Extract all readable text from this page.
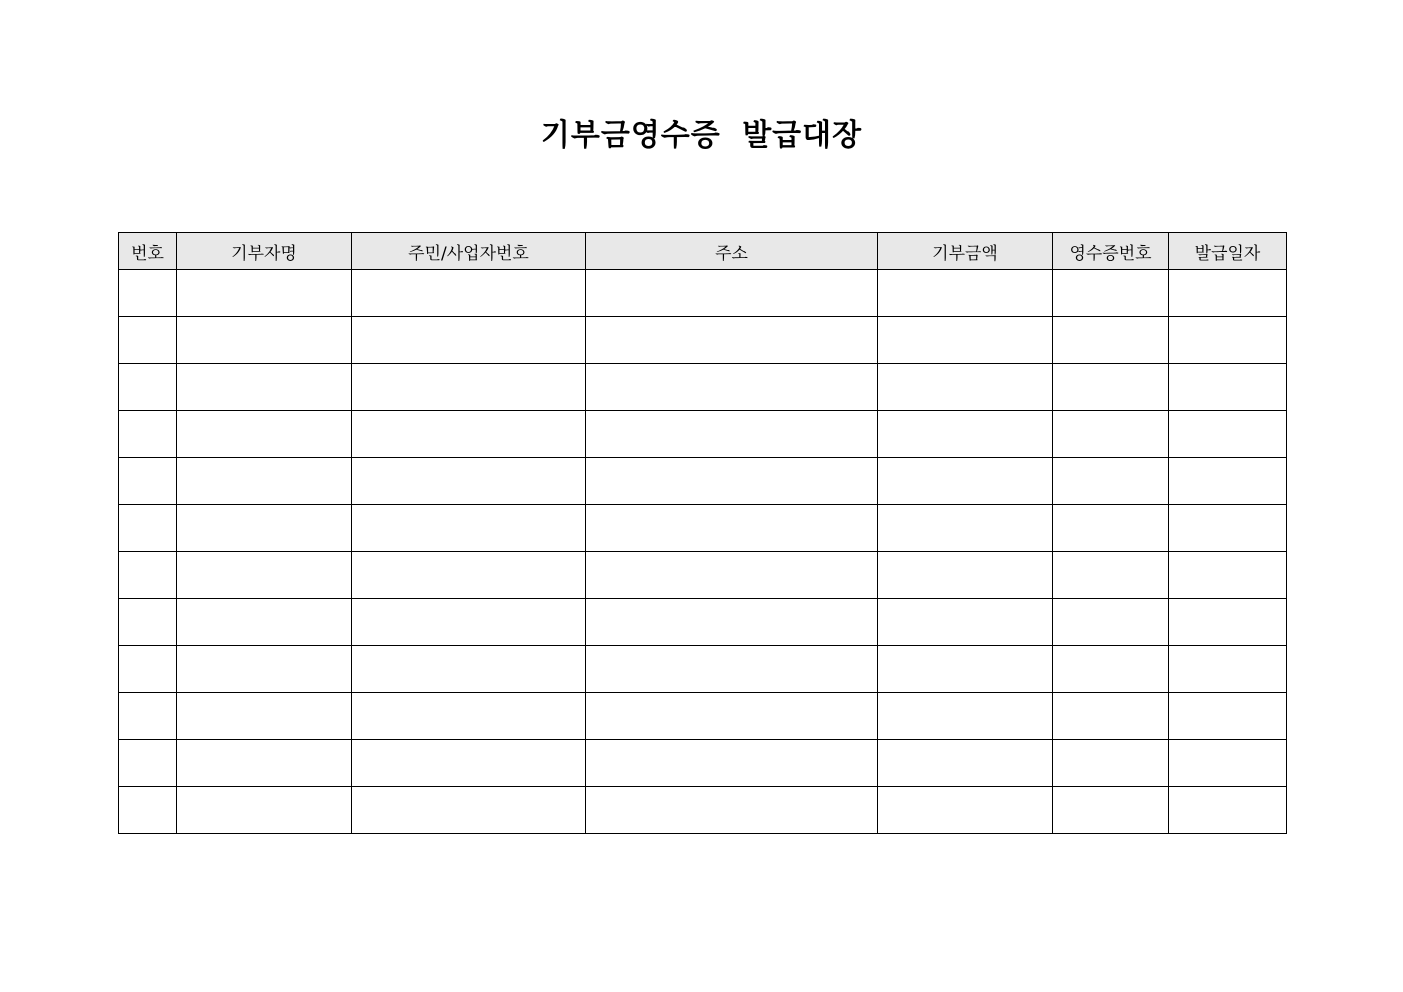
기부금영수증 발급대장
번호	기부자명	주민/사업자번호	주소	기부금액	영수증번호	발급일자
